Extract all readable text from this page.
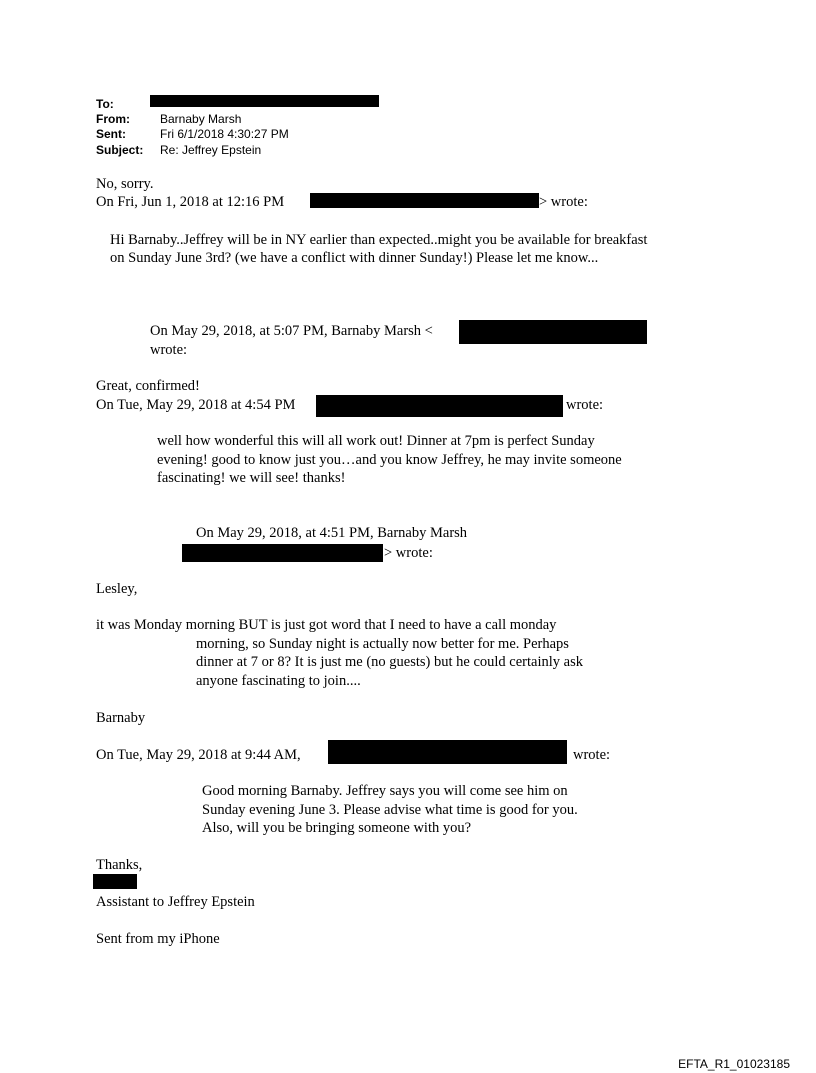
To:
From:	Barnaby Marsh
Sent:	Fri 6/1/2018 4:30:27 PM
Subject: Re: Jeffrey Epstein
No, sorry.
On Fri, Jun 1, 2018 at 12:16 PM	> wrote:
Hi Barnaby..Jeffrey will be in NY earlier than expected..might you be available for breakfast
on Sunday June 3rd? (we have a conflict with dinner Sunday!) Please let me know...
On May 29, 2018, at 5:07 PM, Barnaby Marsh <
wrote:
Great, confirmed!
On Tue, May 29, 2018 at 4:54 PM	wrote:
well how wonderful this will all work out! Dinner at 7pm is perfect Sunday
evening! good to know just you…and you know Jeffrey, he may invite someone
fascinating! we will see! thanks!
On May 29, 2018, at 4:51 PM, Barnaby Marsh
> wrote:
Lesley,
it was Monday morning BUT is just got word that I need to have a call monday
morning, so Sunday night is actually now better for me. Perhaps
dinner at 7 or 8? It is just me (no guests) but he could certainly ask
anyone fascinating to join....
Barnaby
On Tue, May 29, 2018 at 9:44 AM,	wrote:
Good morning Barnaby. Jeffrey says you will come see him on
Sunday evening June 3. Please advise what time is good for you.
Also, will you be bringing someone with you?
Thanks,
Assistant to Jeffrey Epstein
Sent from my iPhone
EFTA_R1_01023185
